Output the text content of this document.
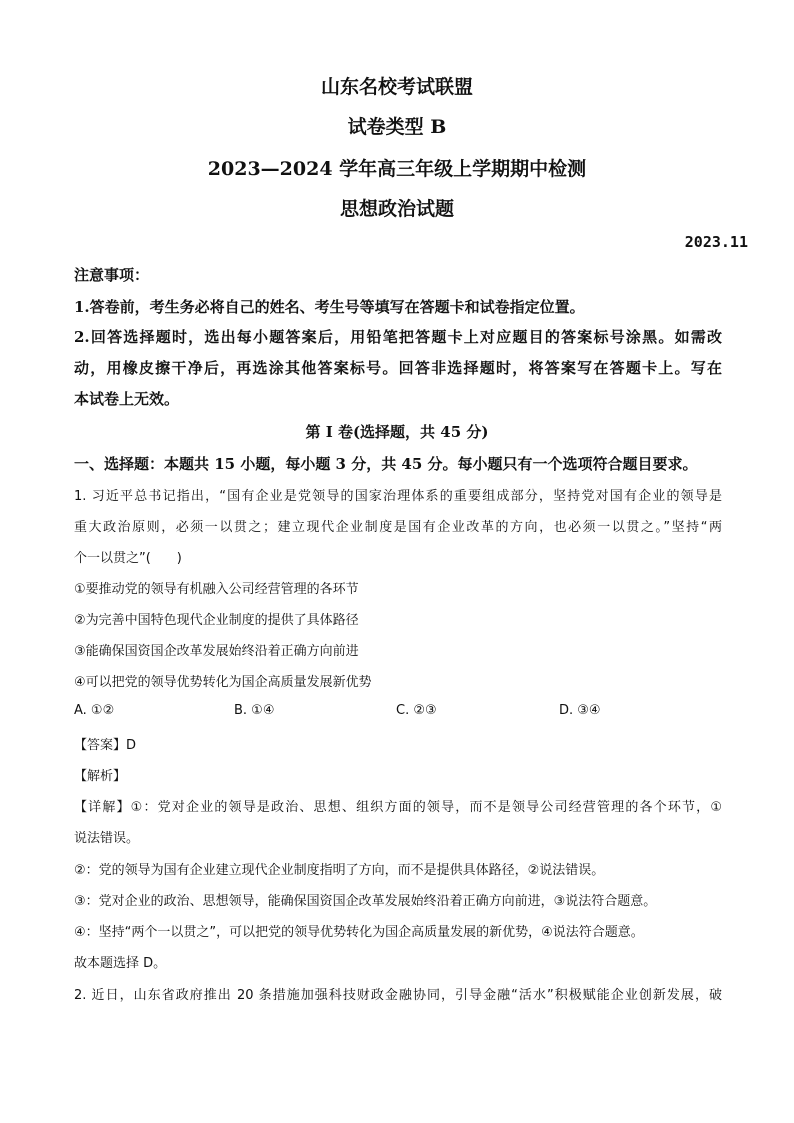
山东名校考试联盟
试卷类型 B
2023—2024 学年高三年级上学期期中检测
思想政治试题
2023.11
注意事项：
1.答卷前，考生务必将自己的姓名、考生号等填写在答题卡和试卷指定位置。
2.回答选择题时，选出每小题答案后，用铅笔把答题卡上对应题目的答案标号涂黑。如需改
动，用橡皮擦干净后，再选涂其他答案标号。回答非选择题时，将答案写在答题卡上。写在
本试卷上无效。
第 I 卷(选择题，共 45 分)
一、选择题：本题共 15 小题，每小题 3 分，共 45 分。每小题只有一个选项符合题目要求。
1. 习近平总书记指出，“国有企业是党领导的国家治理体系的重要组成部分，坚持党对国有企业的领导是
重大政治原则，必须一以贯之；建立现代企业制度是国有企业改革的方向，也必须一以贯之。”坚持“两
个一以贯之”(　　)
①要推动党的领导有机融入公司经营管理的各环节
②为完善中国特色现代企业制度的提供了具体路径
③能确保国资国企改革发展始终沿着正确方向前进
④可以把党的领导优势转化为国企高质量发展新优势
A. ①②	B. ①④	C. ②③	D. ③④
【答案】D
【解析】
【详解】①：党对企业的领导是政治、思想、组织方面的领导，而不是领导公司经营管理的各个环节，①
说法错误。
②：党的领导为国有企业建立现代企业制度指明了方向，而不是提供具体路径，②说法错误。
③：党对企业的政治、思想领导，能确保国资国企改革发展始终沿着正确方向前进，③说法符合题意。
④：坚持“两个一以贯之”，可以把党的领导优势转化为国企高质量发展的新优势，④说法符合题意。
故本题选择 D。
2. 近日，山东省政府推出 20 条措施加强科技财政金融协同，引导金融“活水”积极赋能企业创新发展，破
